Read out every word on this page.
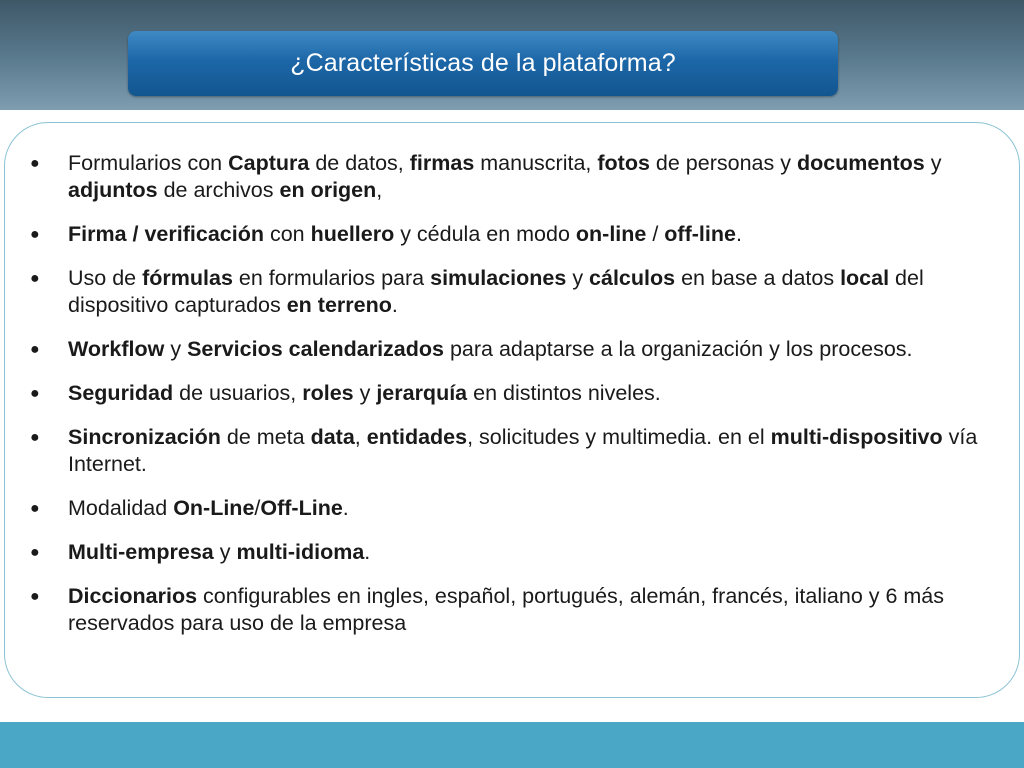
¿Características de la plataforma?
● Formularios con Captura de datos, firmas manuscrita, fotos de personas y documentos y adjuntos de archivos en origen,
● Firma / verificación con huellero y cédula en modo on-line / off-line.
● Uso de fórmulas en formularios para simulaciones y cálculos en base a datos local del dispositivo capturados en terreno.
● Workflow y Servicios calendarizados para adaptarse a la organización y los procesos.
● Seguridad de usuarios, roles y jerarquía en distintos niveles.
● Sincronización de meta data, entidades, solicitudes y multimedia. en el multi-dispositivo vía Internet.
● Modalidad On-Line/Off-Line.
● Multi-empresa y multi-idioma.
● Diccionarios configurables en ingles, español, portugués, alemán, francés, italiano y 6 más reservados para uso de la empresa
